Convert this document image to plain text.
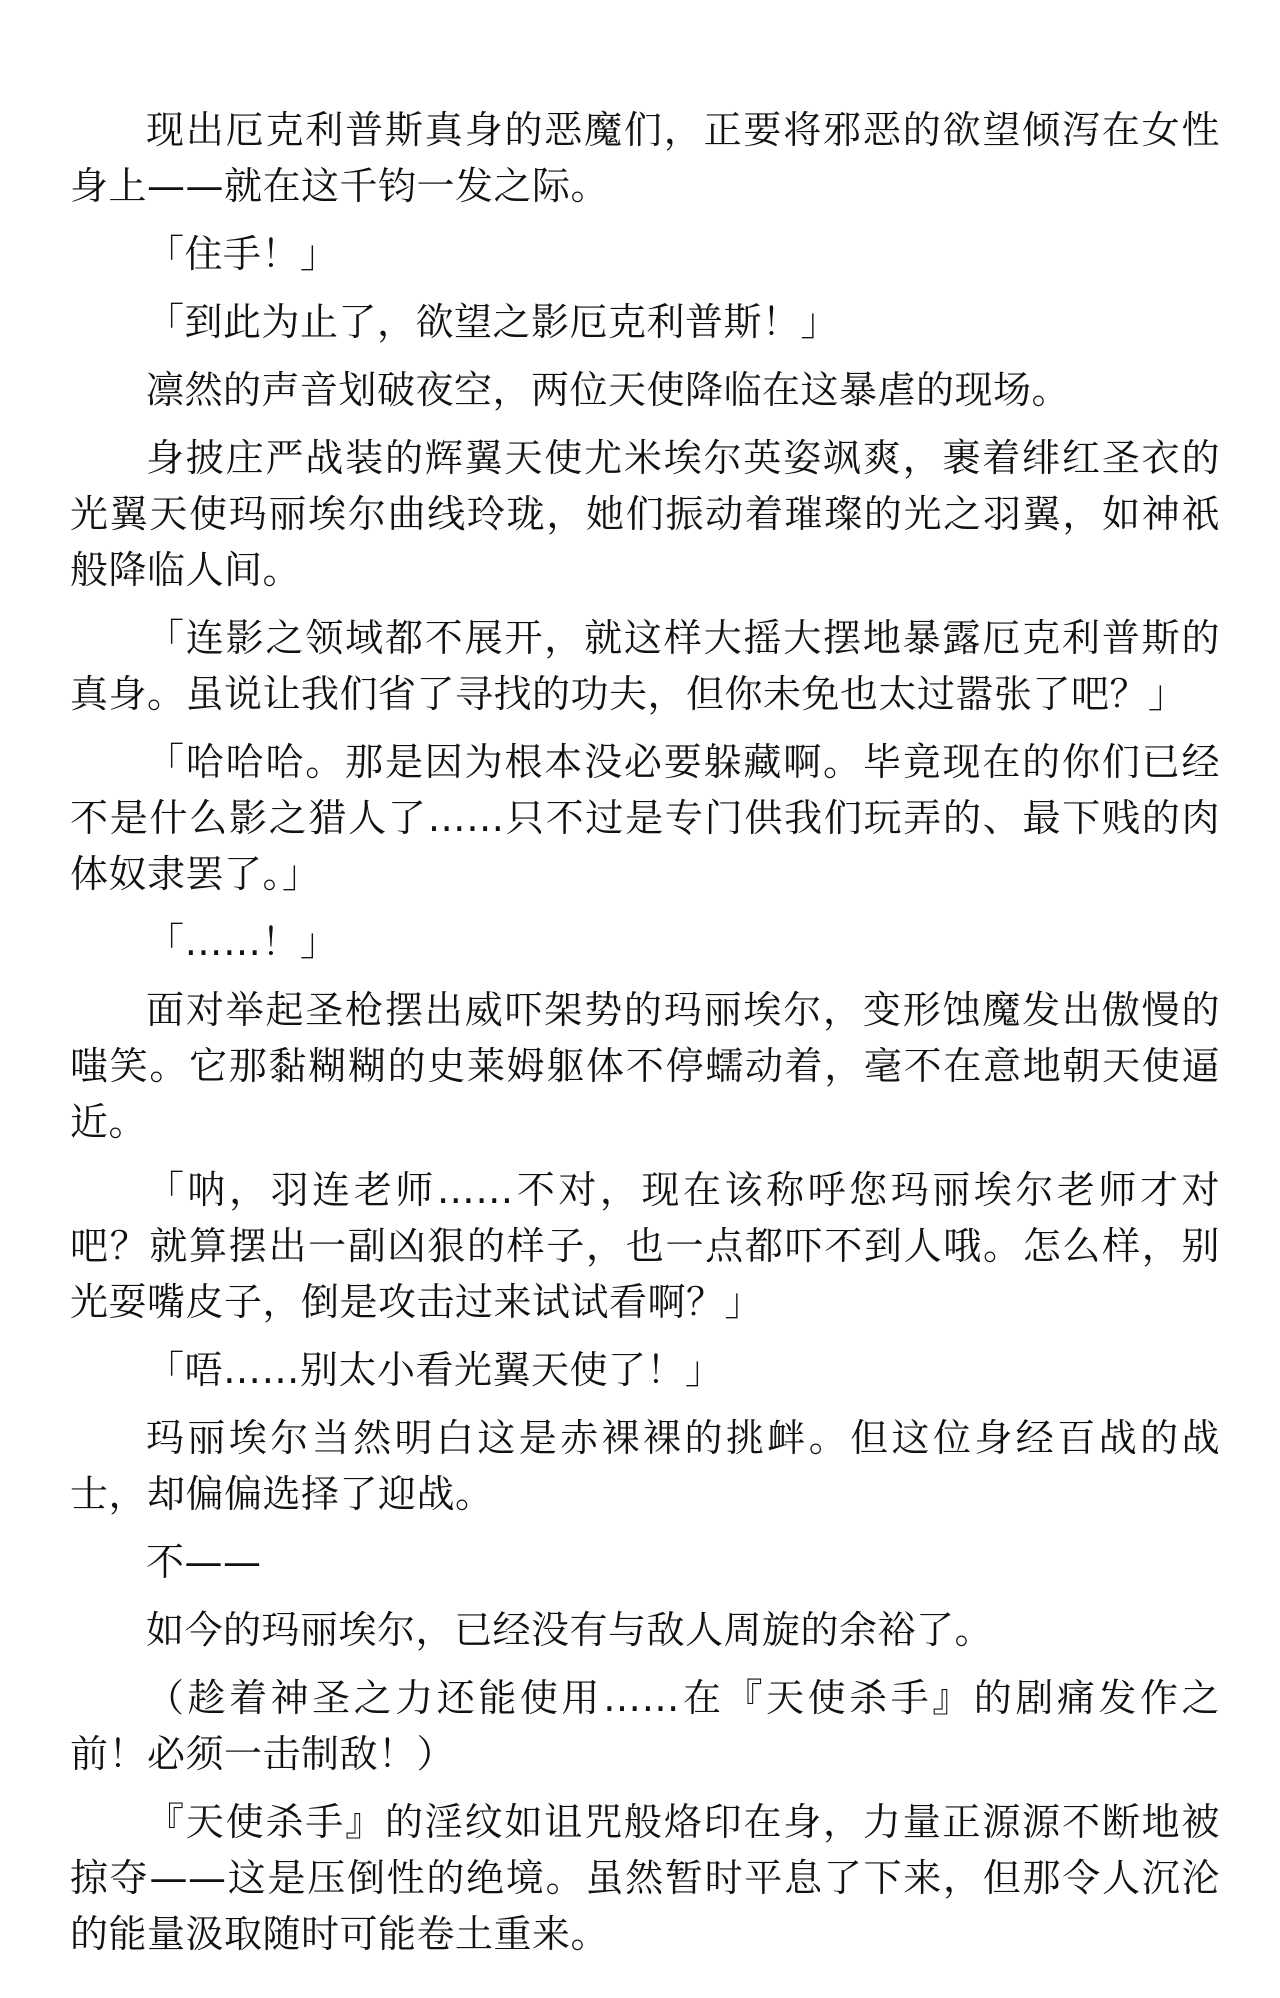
现出厄克利普斯真身的恶魔们，正要将邪恶的欲望倾泻在女性身上——就在这千钧一发之际。

「住手！」

「到此为止了，欲望之影厄克利普斯！」

凛然的声音划破夜空，两位天使降临在这暴虐的现场。

身披庄严战装的辉翼天使尤米埃尔英姿飒爽，裹着绯红圣衣的光翼天使玛丽埃尔曲线玲珑，她们振动着璀璨的光之羽翼，如神祇般降临人间。

「连影之领域都不展开，就这样大摇大摆地暴露厄克利普斯的真身。虽说让我们省了寻找的功夫，但你未免也太过嚣张了吧？」

「哈哈哈。那是因为根本没必要躲藏啊。毕竟现在的你们已经不是什么影之猎人了……只不过是专门供我们玩弄的、最下贱的肉体奴隶罢了。」

「……！」

面对举起圣枪摆出威吓架势的玛丽埃尔，变形蚀魔发出傲慢的嗤笑。它那黏糊糊的史莱姆躯体不停蠕动着，毫不在意地朝天使逼近。

「呐，羽连老师……不对，现在该称呼您玛丽埃尔老师才对吧？就算摆出一副凶狠的样子，也一点都吓不到人哦。怎么样，别光耍嘴皮子，倒是攻击过来试试看啊？」

「唔……别太小看光翼天使了！」

玛丽埃尔当然明白这是赤裸裸的挑衅。但这位身经百战的战士，却偏偏选择了迎战。

不——

如今的玛丽埃尔，已经没有与敌人周旋的余裕了。

（趁着神圣之力还能使用……在『天使杀手』的剧痛发作之前！必须一击制敌！）

『天使杀手』的淫纹如诅咒般烙印在身，力量正源源不断地被掠夺——这是压倒性的绝境。虽然暂时平息了下来，但那令人沉沦的能量汲取随时可能卷土重来。
